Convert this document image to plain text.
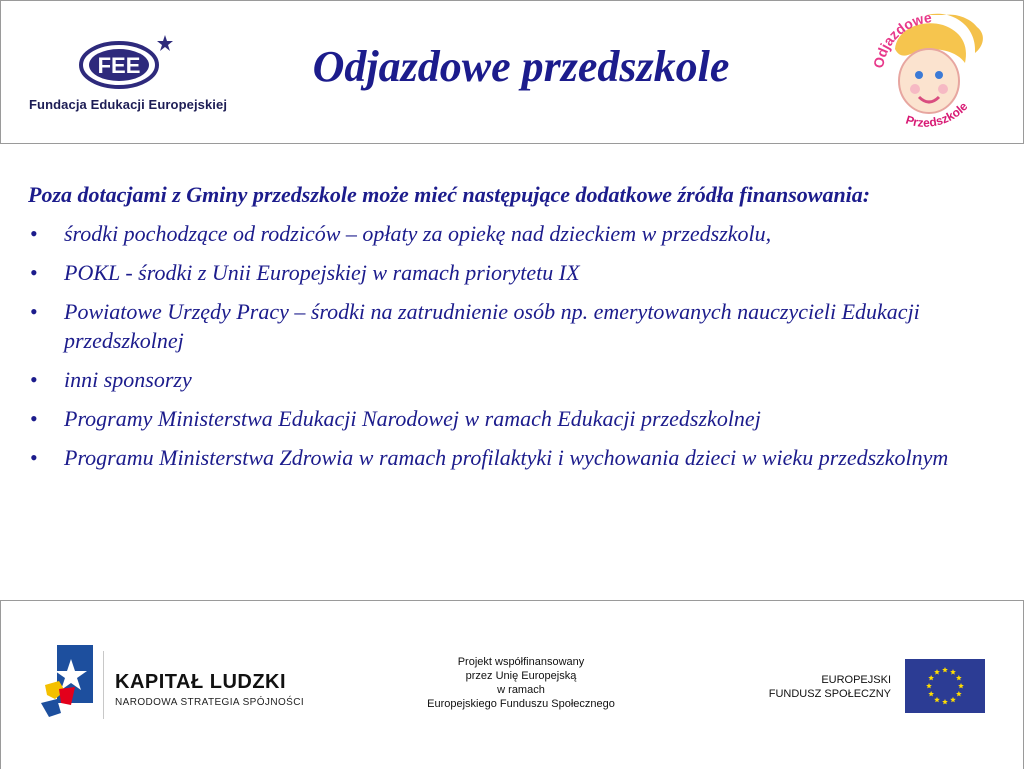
FEE
Fundacja Edukacji Europejskiej
Odjazdowe przedszkole	Odjazdowe
Przedszkole
Poza dotacjami z Gminy przedszkole może mieć następujące dodatkowe źródła finansowania:
• środki pochodzące od rodziców – opłaty za opiekę nad dzieckiem w przedszkolu,
• POKL - środki z Unii Europejskiej w ramach priorytetu IX
• Powiatowe Urzędy Pracy – środki na zatrudnienie osób np. emerytowanych nauczycieli Edukacji przedszkolnej
• inni sponsorzy
• Programy Ministerstwa Edukacji Narodowej w ramach Edukacji przedszkolnej
• Programu Ministerstwa Zdrowia w ramach profilaktyki i wychowania dzieci w wieku przedszkolnym
KAPITAŁ LUDZKI
NARODOWA STRATEGIA SPÓJNOŚCI
Projekt współfinansowany
przez Unię Europejską
w ramach
Europejskiego Funduszu Społecznego
EUROPEJSKI
FUNDUSZ SPOŁECZNY
